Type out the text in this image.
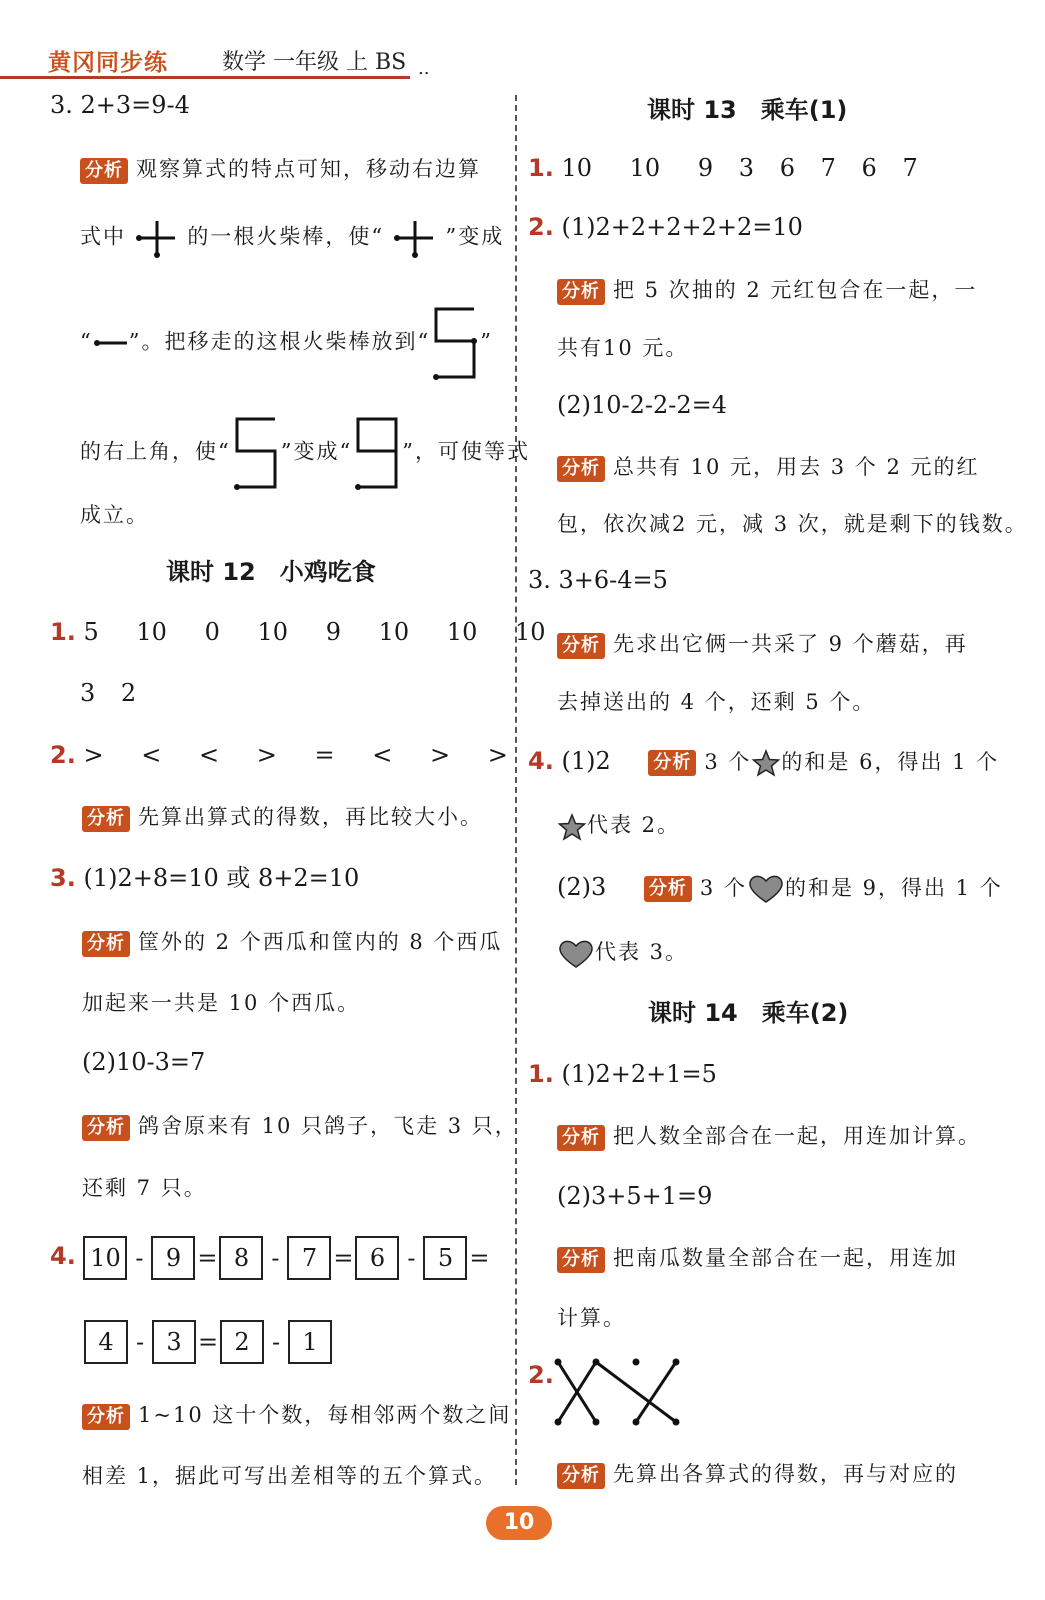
黄冈同步练 数学 一年级 上 BS ..
3. 2+3=9-4
分析 观察算式的特点可知，移动右边算
式中	的一根火柴棒，使“	”变成
“ ”。把移走的这根火柴棒放到“ ”
的右上角，使“ ”变成“ ”，可使等式
成立。
课时 12　小鸡吃食
1. 5 10 0 10 9 10 10 10
3 2
2. > < < > = < > >
分析 先算出算式的得数，再比较大小。
3. (1)2+8=10 或 8+2=10
分析 筐外的 2 个西瓜和筐内的 8 个西瓜
加起来一共是 10 个西瓜。
(2)10-3=7
分析 鸽舍原来有 10 只鸽子，飞走 3 只，
还剩 7 只。
4. 10 - 9 = 8 - 7 = 6 - 5 =
4 - 3 = 2 - 1
分析 1~10 这十个数，每相邻两个数之间
相差 1，据此可写出差相等的五个算式。
课时 13　乘车(1)
1. 10 10 9 3 6 7 6 7
2. (1)2+2+2+2+2=10
分析 把 5 次抽的 2 元红包合在一起，一
共有10 元。
(2)10-2-2-2=4
分析 总共有 10 元，用去 3 个 2 元的红
包，依次减2 元，减 3 次，就是剩下的钱数。
3. 3+6-4=5
分析 先求出它俩一共采了 9 个蘑菇，再
去掉送出的 4 个，还剩 5 个。
4. (1)2 分析 3 个 的和是 6，得出 1 个
代表 2。
(2)3 分析 3 个 的和是 9，得出 1 个
代表 3。
课时 14　乘车(2)
1. (1)2+2+1=5
分析 把人数全部合在一起，用连加计算。
(2)3+5+1=9
分析 把南瓜数量全部合在一起，用连加
计算。
2.
分析 先算出各算式的得数，再与对应的
10
